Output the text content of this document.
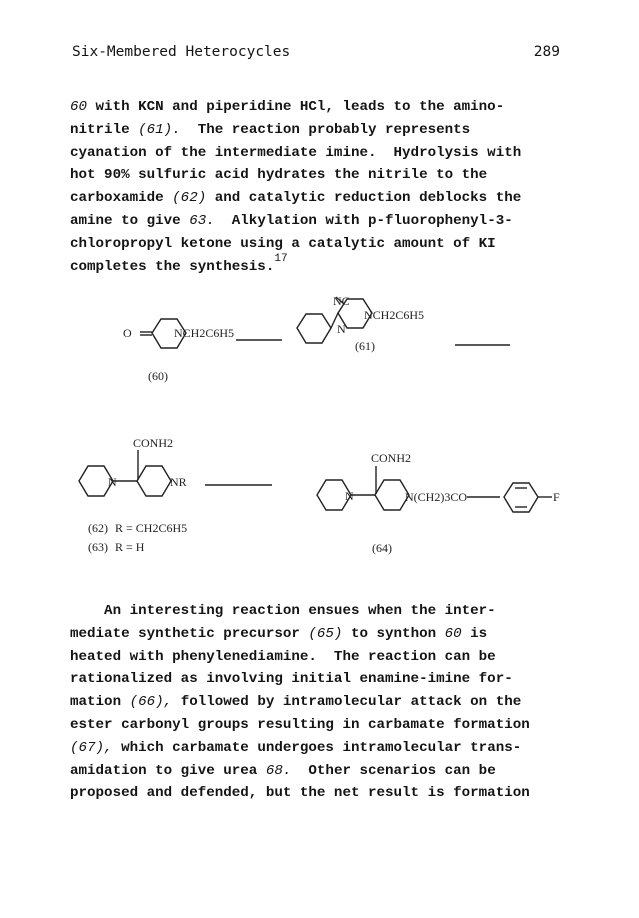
Six-Membered Heterocycles	289
60 with KCN and piperidine HCl, leads to the amino-
nitrile (61).  The reaction probably represents
cyanation of the intermediate imine.  Hydrolysis with
hot 90% sulfuric acid hydrates the nitrile to the
carboxamide (62) and catalytic reduction deblocks the
amine to give 63.  Alkylation with p-fluorophenyl-3-
chloropropyl ketone using a catalytic amount of KI
completes the synthesis.$^{17}$
O	NCH2C6H5
(60)
NC
N
NCH2C6H5
(61)
CONH2
N	NR
(62) R = CH2C6H5
(63) R = H
CONH2
N	N(CH2)3CO	F
(64)
An interesting reaction ensues when the inter-
mediate synthetic precursor (65) to synthon 60 is
heated with phenylenediamine.  The reaction can be
rationalized as involving initial enamine-imine for-
mation (66), followed by intramolecular attack on the
ester carbonyl groups resulting in carbamate formation
(67), which carbamate undergoes intramolecular trans-
amidation to give urea 68.  Other scenarios can be
proposed and defended, but the net result is formation
